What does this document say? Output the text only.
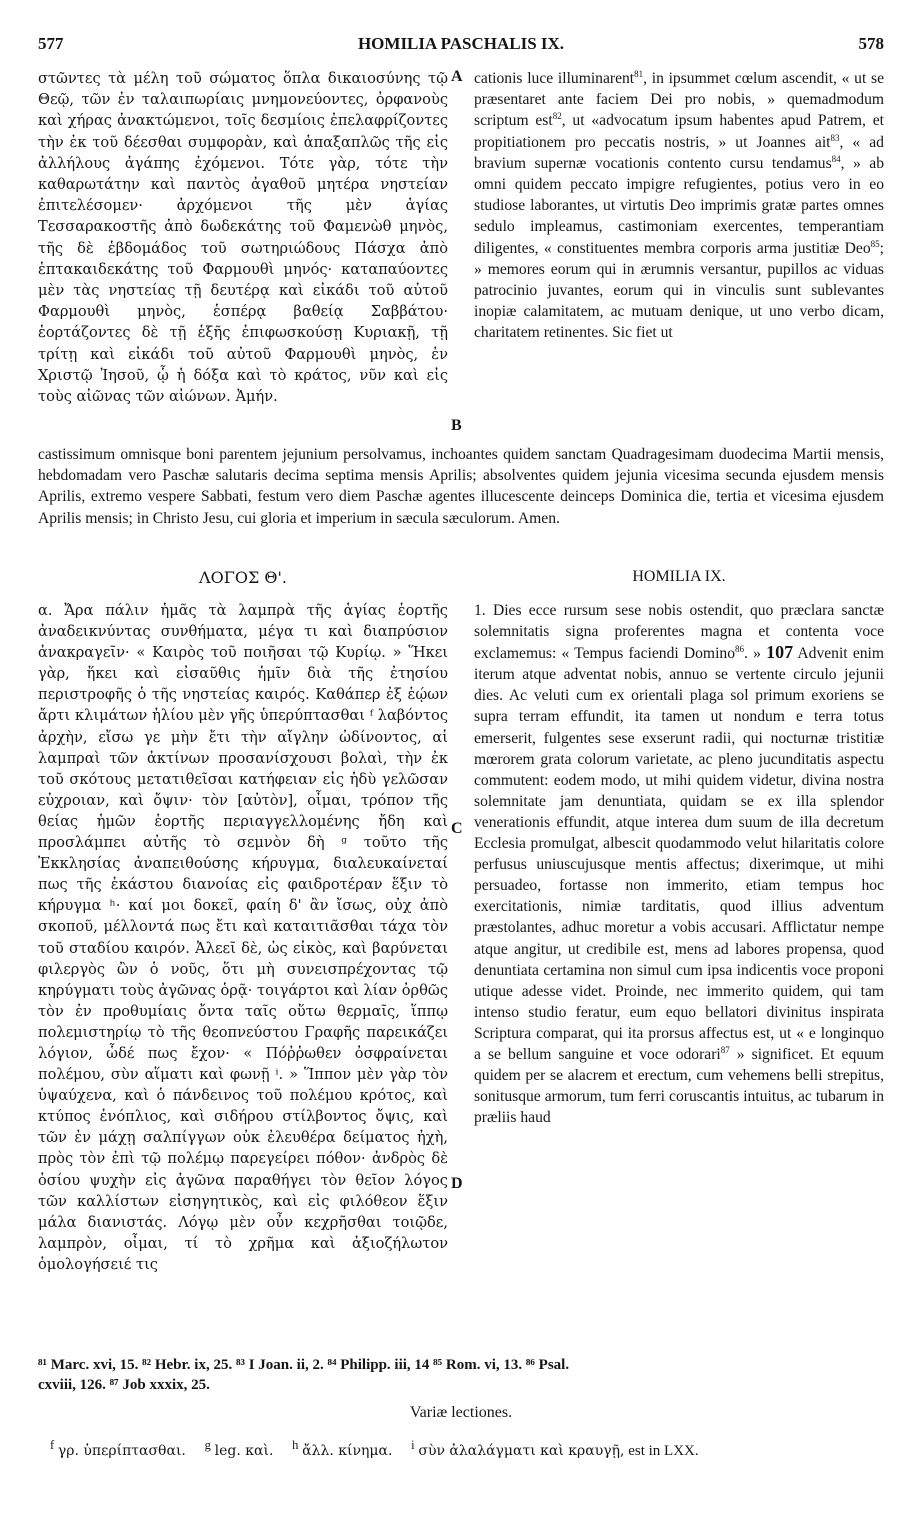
577	HOMILIA PASCHALIS IX.	578

στῶντες τὰ μέλη τοῦ σώματος ὅπλα δικαιοσύνης τῷ Θεῷ, τῶν ἐν ταλαιπωρίαις μνημονεύοντες, ὀρφανοὺς καὶ χήρας ἀνακτώμενοι, τοῖς δεσμίοις ἐπελαφρίζοντες τὴν ἐκ τοῦ δέεσθαι συμφορὰν, καὶ ἁπαξαπλῶς τῆς εἰς ἀλλήλους ἀγάπης ἐχόμενοι. Τότε γὰρ, τότε τὴν καθαρωτάτην καὶ παντὸς ἀγαθοῦ μητέρα νηστείαν ἐπιτελέσομεν· ἀρχόμενοι τῆς μὲν ἁγίας Τεσσαρακοστῆς ἀπὸ δωδεκάτης τοῦ Φαμενὼθ μηνὸς, τῆς δὲ ἑβδομάδος τοῦ σωτηριώδους Πάσχα ἀπὸ ἑπτακαιδεκάτης τοῦ Φαρμουθὶ μηνός· καταπαύοντες μὲν τὰς νηστείας τῇ δευτέρᾳ καὶ εἰκάδι τοῦ αὐτοῦ Φαρμουθὶ μηνὸς, ἑσπέρᾳ βαθείᾳ Σαββάτου· ἑορτάζοντες δὲ τῇ ἑξῆς ἐπιφωσκούσῃ Κυριακῇ, τῇ τρίτῃ καὶ εἰκάδι τοῦ αὐτοῦ Φαρμουθὶ μηνὸς, ἐν Χριστῷ Ἰησοῦ, ᾧ ἡ δόξα καὶ τὸ κράτος, νῦν καὶ εἰς τοὺς αἰῶνας τῶν αἰώνων. Ἀμήν.

A
B

cationis luce illuminarent$^{81}$, in ipsummet cœlum ascendit, « ut se præsentaret ante faciem Dei pro nobis, » quemadmodum scriptum est$^{82}$, ut «advocatum ipsum habentes apud Patrem, et propitiationem pro peccatis nostris, » ut Joannes ait$^{83}$, « ad bravium supernæ vocationis contento cursu tendamus$^{84}$, » ab omni quidem peccato impigre refugientes, potius vero in eo studiose laborantes, ut virtutis Deo imprimis gratæ partes omnes sedulo impleamus, castimoniam exercentes, temperantiam diligentes, « constituentes membra corporis arma justitiæ Deo$^{85}$; » memores eorum qui in ærumnis versantur, pupillos ac viduas patrocinio juvantes, eorum qui in vinculis sunt sublevantes inopiæ calamitatem, ac mutuam denique, ut uno verbo dicam, charitatem retinentes. Sic fiet ut

castissimum omnisque boni parentem jejunium persolvamus, inchoantes quidem sanctam Quadragesimam duodecima Martii mensis, hebdomadam vero Paschæ salutaris decima septima mensis Aprilis; absolventes quidem jejunia vicesima secunda ejusdem mensis Aprilis, extremo vespere Sabbati, festum vero diem Paschæ agentes illucescente deinceps Dominica die, tertia et vicesima ejusdem Aprilis mensis; in Christo Jesu, cui gloria et imperium in sæcula sæculorum. Amen.
ΛΟΓΟΣ Θ'.	HOMILIA IX.

α. Ἄρα πάλιν ἡμᾶς τὰ λαμπρὰ τῆς ἁγίας ἑορτῆς ἀναδεικνύντας συνθήματα, μέγα τι καὶ διαπρύσιον ἀνακραγεῖν· « Καιρὸς τοῦ ποιῆσαι τῷ Κυρίῳ. » Ἥκει γὰρ, ἥκει καὶ εἰσαῦθις ἡμῖν διὰ τῆς ἐτησίου περιστροφῆς ὁ τῆς νηστείας καιρός. Καθάπερ ἐξ ἑῴων ἄρτι κλιμάτων ἡλίου μὲν γῆς ὑπερύπτασθαι ᶠ λαβόντος ἀρχὴν, εἴσω γε μὴν ἔτι τὴν αἴγλην ὠδίνοντος, αἱ λαμπραὶ τῶν ἀκτίνων προσανίσχουσι βολαὶ, τὴν ἐκ τοῦ σκότους μετατιθεῖσαι κατήφειαν εἰς ἡδὺ γελῶσαν εὐχροιαν, καὶ ὄψιν· τὸν [αὐτὸν], οἶμαι, τρόπον τῆς θείας ἡμῶν ἑορτῆς περιαγγελλομένης ἤδη καὶ προσλάμπει αὐτῆς τὸ σεμνὸν δὴ ᵍ τοῦτο τῆς Ἐκκλησίας ἀναπειθούσης κήρυγμα, διαλευκαίνεταί πως τῆς ἑκάστου διανοίας εἰς φαιδροτέραν ἕξιν τὸ κήρυγμα ʰ· καί μοι δοκεῖ, φαίη δ' ἂν ἴσως, οὐχ ἀπὸ σκοποῦ, μέλλοντά πως ἔτι καὶ καταιτιᾶσθαι τάχα τὸν τοῦ σταδίου καιρόν. Ἀλεεῖ δὲ, ὡς εἰκὸς, καὶ βαρύνεται φιλεργὸς ὢν ὁ νοῦς, ὅτι μὴ συνεισπρέχοντας τῷ κηρύγματι τοὺς ἀγῶνας ὁρᾷ· τοιγάρτοι καὶ λίαν ὀρθῶς τὸν ἐν προθυμίαις ὄντα ταῖς οὕτω θερμαῖς, ἵππῳ πολεμιστηρίῳ τὸ τῆς θεοπνεύστου Γραφῆς παρεικάζει λόγιον, ὧδέ πως ἔχον· « Πόῤῥωθεν ὀσφραίνεται πολέμου, σὺν αἵματι καὶ φωνῇ ⁱ. » Ἵππον μὲν γὰρ τὸν ὑψαύχενα, καὶ ὁ πάνδεινος τοῦ πολέμου κρότος, καὶ κτύπος ἐνόπλιος, καὶ σιδήρου στίλβοντος ὄψις, καὶ τῶν ἐν μάχῃ σαλπίγγων οὐκ ἐλευθέρα δείματος ἠχὴ, πρὸς τὸν ἐπὶ τῷ πολέμῳ παρεγείρει πόθον· ἀνδρὸς δὲ ὁσίου ψυχὴν εἰς ἀγῶνα παραθήγει τὸν θεῖον λόγος τῶν καλλίστων εἰσηγητικὸς, καὶ εἰς φιλόθεον ἕξιν μάλα διανιστάς. Λόγῳ μὲν οὖν κεχρῆσθαι τοιῷδε, λαμπρὸν, οἶμαι, τί τὸ χρῆμα καὶ ἀξιοζήλωτον ὁμολογήσειέ τις

C
D

1. Dies ecce rursum sese nobis ostendit, quo præclara sanctæ solemnitatis signa proferentes magna et contenta voce exclamemus: « Tempus faciendi Domino$^{86}$. » 107 Advenit enim iterum atque adventat nobis, annuo se vertente circulo jejunii dies. Ac veluti cum ex orientali plaga sol primum exoriens se supra terram effundit, ita tamen ut nondum e terra totus emerserit, fulgentes sese exserunt radii, qui nocturnæ tristitiæ mœrorem grata colorum varietate, ac pleno jucunditatis aspectu commutent: eodem modo, ut mihi quidem videtur, divina nostra solemnitate jam denuntiata, quidam se ex illa splendor venerationis effundit, atque interea dum suum de illa decretum Ecclesia promulgat, albescit quodammodo velut hilaritatis colore perfusus uniuscujusque mentis affectus; dixerimque, ut mihi persuadeo, fortasse non immerito, etiam tempus hoc exercitationis, nimiæ tarditatis, quod illius adventum præstolantes, adhuc moretur a vobis accusari. Afflictatur nempe atque angitur, ut credibile est, mens ad labores propensa, quod denuntiata certamina non simul cum ipsa indicentis voce proponi utique adesse videt. Proinde, nec immerito quidem, qui tam intenso studio feratur, eum equo bellatori divinitus inspirata Scriptura comparat, qui ita prorsus affectus est, ut « e longinquo a se bellum sanguine et voce odorari$^{87}$ » significet. Et equum quidem per se alacrem et erectum, cum vehemens belli strepitus, sonitusque armorum, tum ferri coruscantis intuitus, ac tubarum in præliis haud

⁸¹ Marc. xvi, 15. ⁸² Hebr. ix, 25. ⁸³ I Joan. ii, 2. ⁸⁴ Philipp. iii, 14 ⁸⁵ Rom. vi, 13. ⁸⁶ Psal.
cxviii, 126. ⁸⁷ Job xxxix, 25.
Variæ lectiones.
$^f$ γρ. ὑπερίπτασθαι. $^g$ leg. καὶ. $^h$ ἄλλ. κίνημα. $^i$ σὺν ἀλαλάγματι καὶ κραυγῇ, est in LXX.
